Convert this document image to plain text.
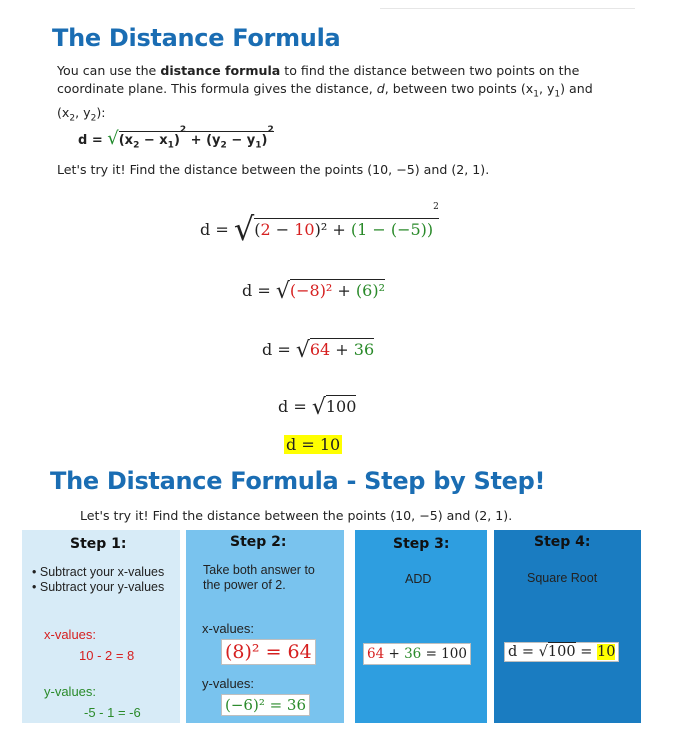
The Distance Formula
You can use the distance formula to find the distance between two points on the coordinate plane. This formula gives the distance, d, between two points ($x_1$, $y_1$) and ($x_2$, $y_2$):
$d = √(x_2 - x_1)^2 + (y_2 - y_1)^2$
Let's try it! Find the distance between the points (10, −5) and (2, 1).
$d = √(2 - 10)^2 + (1 - (-5))^2$
d = √(−8)² + (6)²
d = √64 + 36
d = √100
d = 10
The Distance Formula - Step by Step!
Let's try it! Find the distance between the points (10, −5) and (2, 1).
Step 1:
• Subtract your x-values
• Subtract your y-values
x-values:
10 - 2 = 8
y-values:
-5 - 1 = -6
Step 2:
Take both answer to
the power of 2.
x-values:
(8)² = 64
y-values:
(−6)² = 36
Step 3:
ADD
64 + 36 = 100
Step 4:
Square Root
d = √100 = 10
